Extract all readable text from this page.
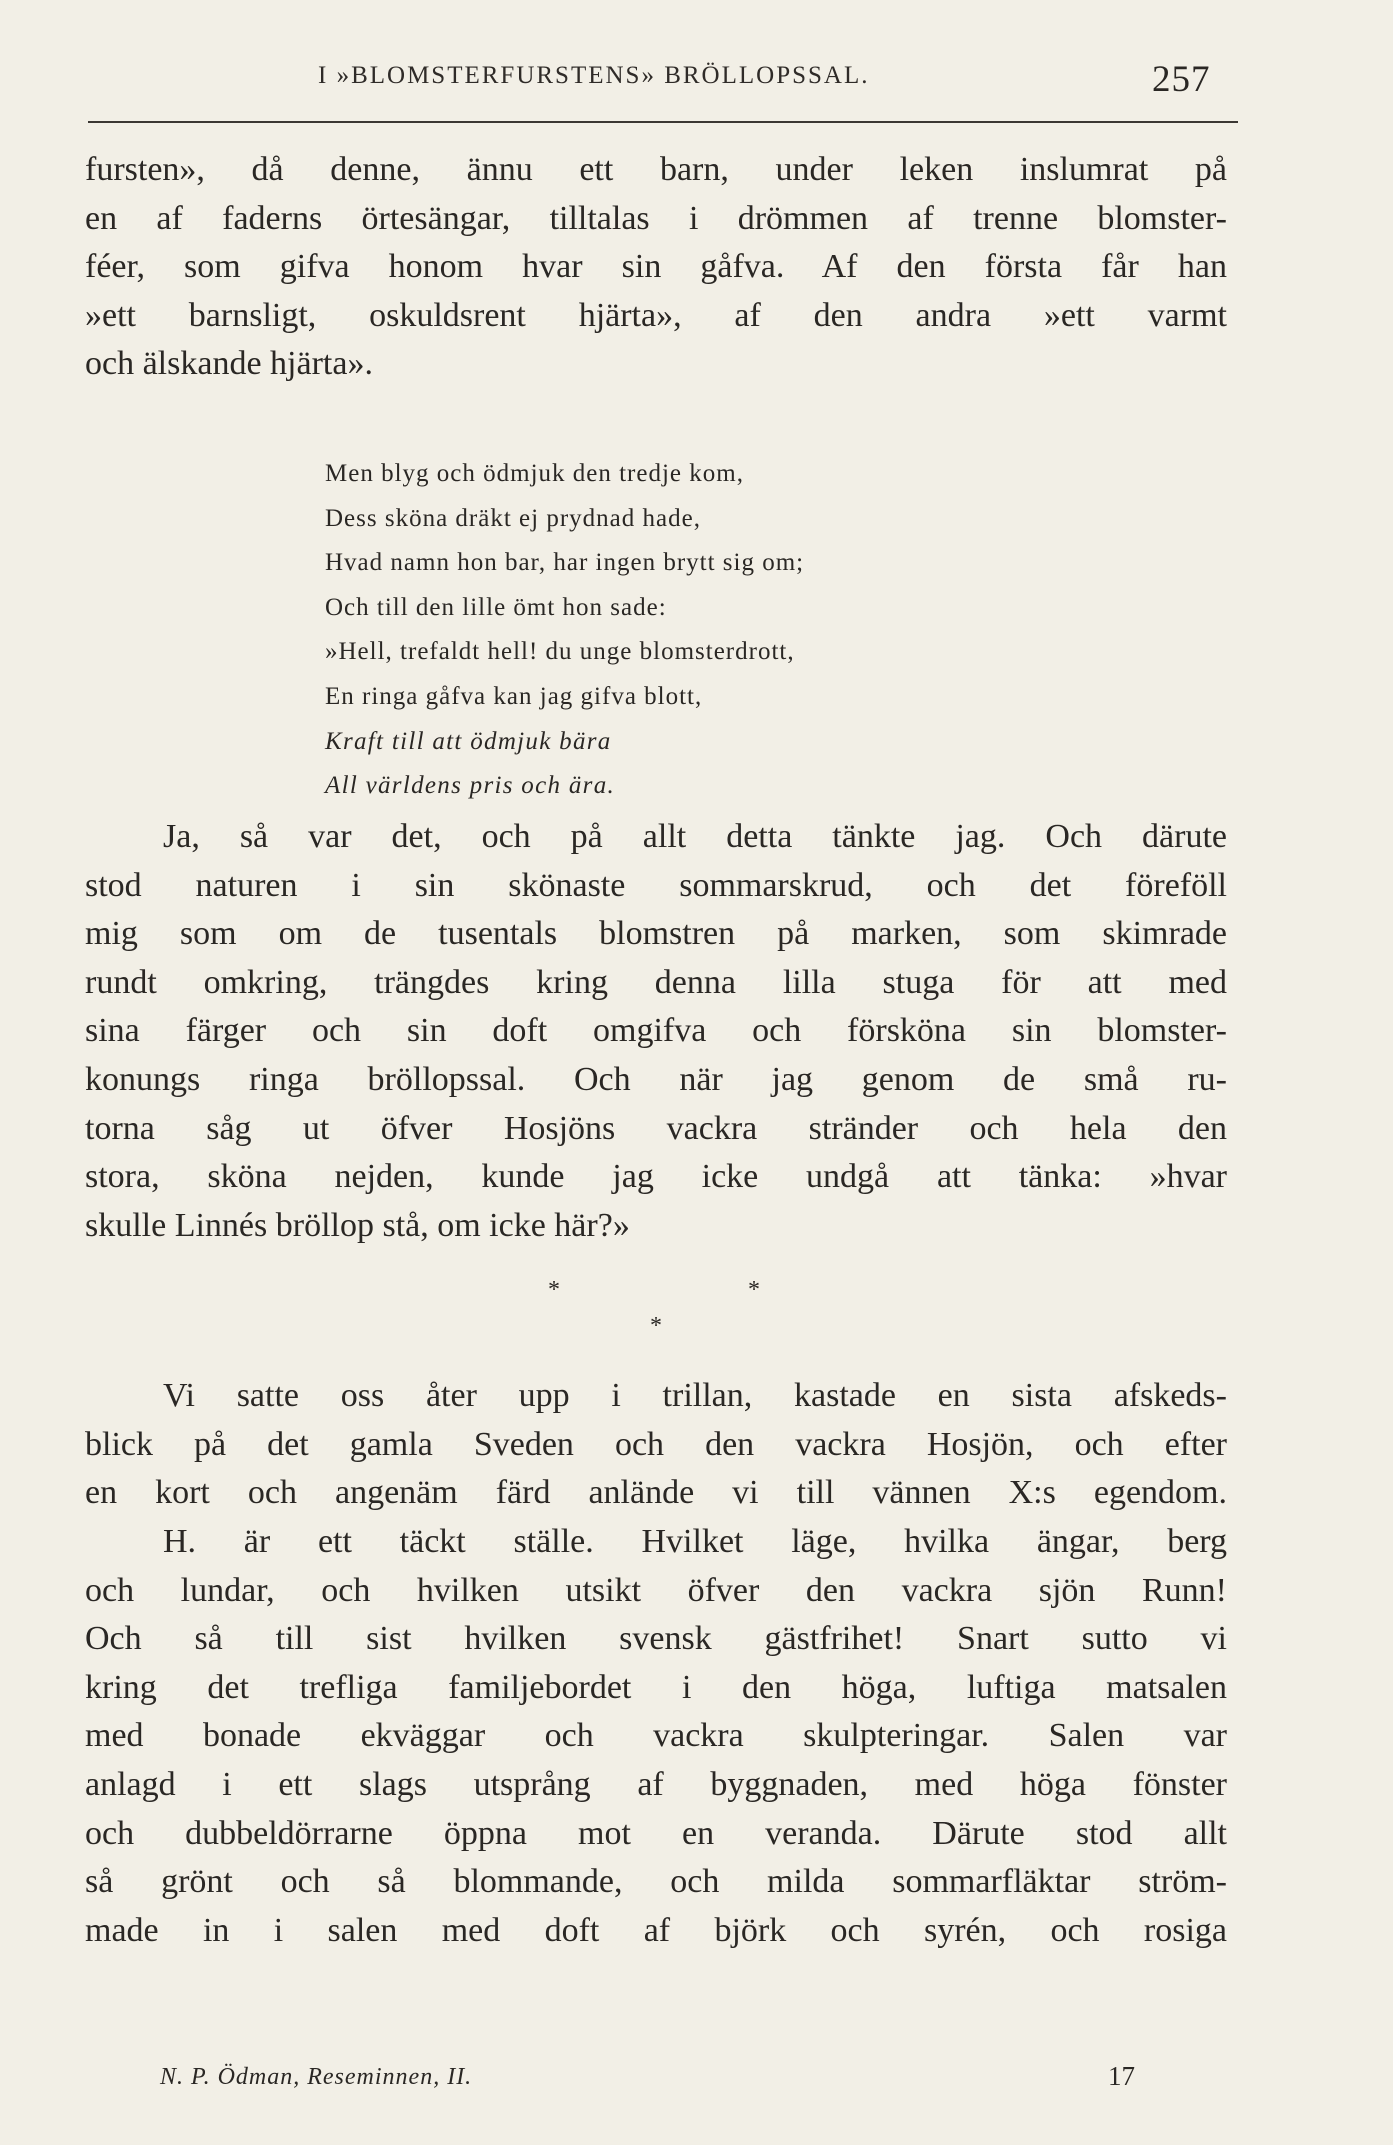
I »BLOMSTERFURSTENS» BRÖLLOPSSAL.	257
fursten», då denne, ännu ett barn, under leken inslumrat på
en af faderns örtesängar, tilltalas i drömmen af trenne blomster-
féer, som gifva honom hvar sin gåfva. Af den första får han
»ett barnsligt, oskuldsrent hjärta», af den andra »ett varmt
och älskande hjärta».
Men blyg och ödmjuk den tredje kom,
Dess sköna dräkt ej prydnad hade,
Hvad namn hon bar, har ingen brytt sig om;
Och till den lille ömt hon sade:
»Hell, trefaldt hell! du unge blomsterdrott,
En ringa gåfva kan jag gifva blott,
Kraft till att ödmjuk bära
All världens pris och ära.
Ja, så var det, och på allt detta tänkte jag. Och därute
stod naturen i sin skönaste sommarskrud, och det föreföll
mig som om de tusentals blomstren på marken, som skimrade
rundt omkring, trängdes kring denna lilla stuga för att med
sina färger och sin doft omgifva och försköna sin blomster-
konungs ringa bröllopssal. Och när jag genom de små ru-
torna såg ut öfver Hosjöns vackra stränder och hela den
stora, sköna nejden, kunde jag icke undgå att tänka: »hvar
skulle Linnés bröllop stå, om icke här?»
*	*
*
Vi satte oss åter upp i trillan, kastade en sista afskeds-
blick på det gamla Sveden och den vackra Hosjön, och efter
en kort och angenäm färd anlände vi till vännen X:s egendom.
H. är ett täckt ställe. Hvilket läge, hvilka ängar, berg
och lundar, och hvilken utsikt öfver den vackra sjön Runn!
Och så till sist hvilken svensk gästfrihet! Snart sutto vi
kring det trefliga familjebordet i den höga, luftiga matsalen
med bonade ekväggar och vackra skulpteringar. Salen var
anlagd i ett slags utsprång af byggnaden, med höga fönster
och dubbeldörrarne öppna mot en veranda. Därute stod allt
så grönt och så blommande, och milda sommarfläktar ström-
made in i salen med doft af björk och syrén, och rosiga
N. P. Ödman, Reseminnen, II.	17
